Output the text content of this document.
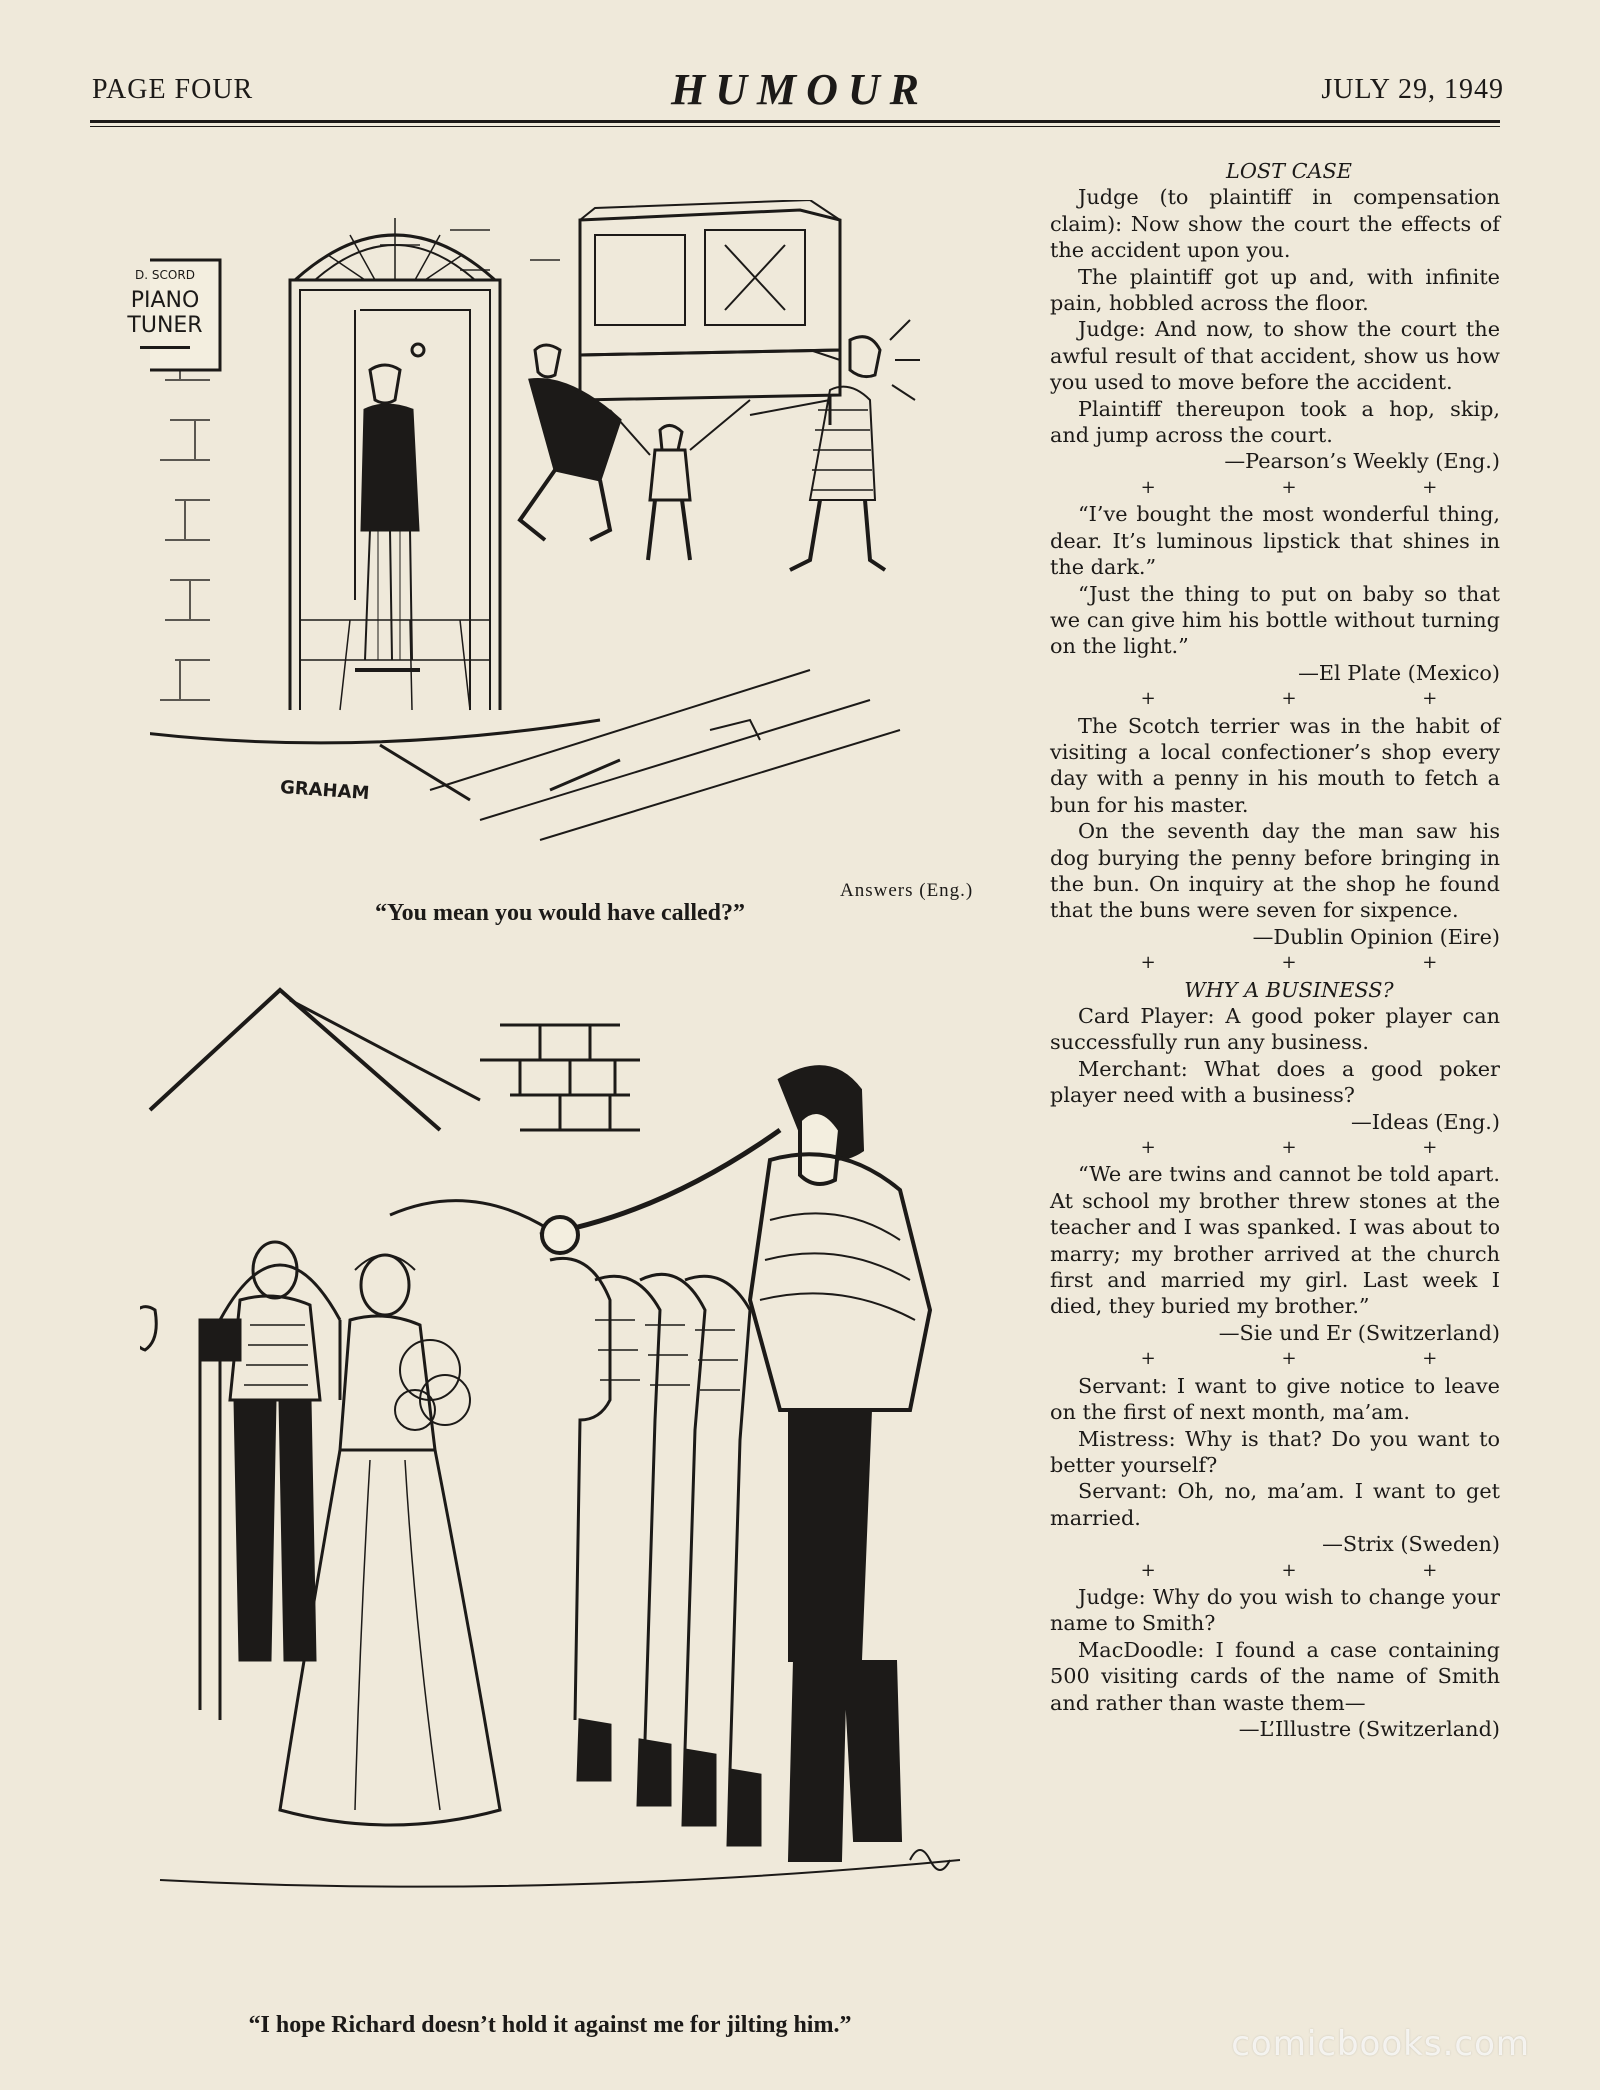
PAGE FOUR	HUMOUR	JULY 29, 1949
D. SCORD
PIANO
TUNER
GRAHAM
Answers (Eng.)
“You mean you would have called?”
“I hope Richard doesn’t hold it against me for jilting him.”

LOST CASE

Judge (to plaintiff in compensation claim): Now show the court the effects of the accident upon you.

The plaintiff got up and, with infinite pain, hobbled across the floor.

Judge: And now, to show the court the awful result of that accident, show us how you used to move before the accident.

Plaintiff thereupon took a hop, skip, and jump across the court.

—Pearson’s Weekly (Eng.)

+ + +

“I’ve bought the most wonderful thing, dear. It’s luminous lipstick that shines in the dark.”

“Just the thing to put on baby so that we can give him his bottle without turning on the light.”

—El Plate (Mexico)

+ + +

The Scotch terrier was in the habit of visiting a local confectioner’s shop every day with a penny in his mouth to fetch a bun for his master.

On the seventh day the man saw his dog burying the penny before bringing in the bun. On inquiry at the shop he found that the buns were seven for sixpence.

—Dublin Opinion (Eire)

+ + +

WHY A BUSINESS?

Card Player: A good poker player can successfully run any business.

Merchant: What does a good poker player need with a business?

—Ideas (Eng.)

+ + +

“We are twins and cannot be told apart. At school my brother threw stones at the teacher and I was spanked. I was about to marry; my brother arrived at the church first and married my girl. Last week I died, they buried my brother.”

—Sie und Er (Switzerland)

+ + +

Servant: I want to give notice to leave on the first of next month, ma’am.

Mistress: Why is that? Do you want to better yourself?

Servant: Oh, no, ma’am. I want to get married.

—Strix (Sweden)

+ + +

Judge: Why do you wish to change your name to Smith?

MacDoodle: I found a case containing 500 visiting cards of the name of Smith and rather than waste them—

—L’Illustre (Switzerland)

comicbooks.com
